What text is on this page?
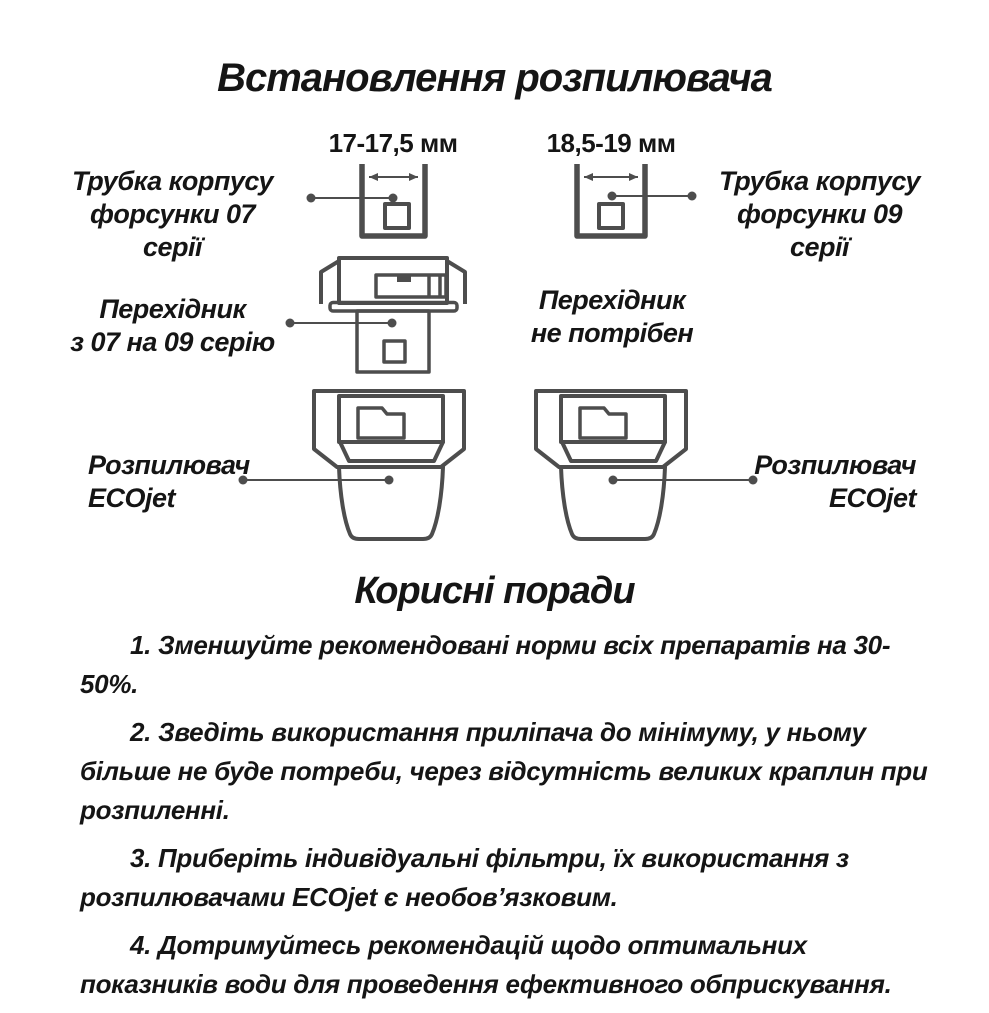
Встановлення розпилювача
17-17,5 мм	18,5-19 мм
Трубка корпусу
форсунки 07 серії
Трубка корпусу
форсунки 09 серії
Перехідник
з 07 на 09 серію
Перехідник
не потрібен
Розпилювач
ECOjet
Розпилювач
ECOjet
Корисні поради

1. Зменшуйте рекомендовані норми всіх препаратів на 30-50%.

2. Зведіть використання приліпача до мінімуму, у ньому більше не буде потреби, через відсутність великих краплин при розпиленні.

3. Приберіть індивідуальні фільтри, їх використання з розпилювачами ECOjet є необов’язковим.

4. Дотримуйтесь рекомендацій щодо оптимальних показників води для проведення ефективного обприскування.
